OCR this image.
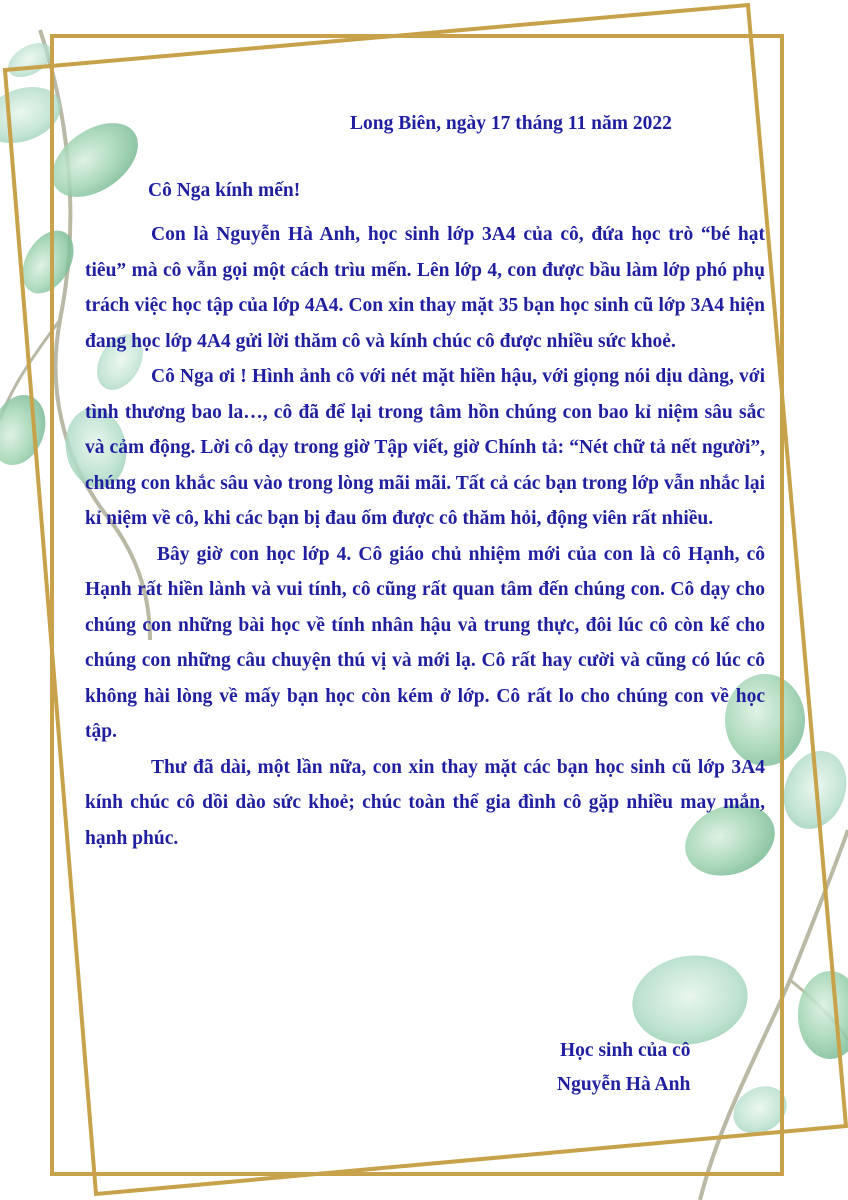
Long Biên, ngày 17 tháng 11 năm 2022
Cô Nga kính mến!

Con là Nguyễn Hà Anh, học sinh lớp 3A4 của cô, đứa học trò “bé hạt tiêu” mà cô vẫn gọi một cách trìu mến. Lên lớp 4, con được bầu làm lớp phó phụ trách việc học tập của lớp 4A4. Con xin thay mặt 35 bạn học sinh cũ lớp 3A4 hiện đang học lớp 4A4 gửi lời thăm cô và kính chúc cô được nhiều sức khoẻ.

Cô Nga ơi ! Hình ảnh cô với nét mặt hiền hậu, với giọng nói dịu dàng, với tình thương bao la…, cô đã để lại trong tâm hồn chúng con bao kỉ niệm sâu sắc và cảm động. Lời cô dạy trong giờ Tập viết, giờ Chính tả: “Nét chữ tả nết người”, chúng con khắc sâu vào trong lòng mãi mãi. Tất cả các bạn trong lớp vẫn nhắc lại kỉ niệm về cô, khi các bạn bị đau ốm được cô thăm hỏi, động viên rất nhiều.

Bây giờ con học lớp 4. Cô giáo chủ nhiệm mới của con là cô Hạnh, cô Hạnh rất hiền lành và vui tính, cô cũng rất quan tâm đến chúng con. Cô dạy cho chúng con những bài học về tính nhân hậu và trung thực, đôi lúc cô còn kể cho chúng con những câu chuyện thú vị và mới lạ. Cô rất hay cười và cũng có lúc cô không hài lòng về mấy bạn học còn kém ở lớp. Cô rất lo cho chúng con về học tập.

Thư đã dài, một lần nữa, con xin thay mặt các bạn học sinh cũ lớp 3A4 kính chúc cô dồi dào sức khoẻ; chúc toàn thể gia đình cô gặp nhiều may mắn, hạnh phúc.

Học sinh của cô
Nguyễn Hà Anh
